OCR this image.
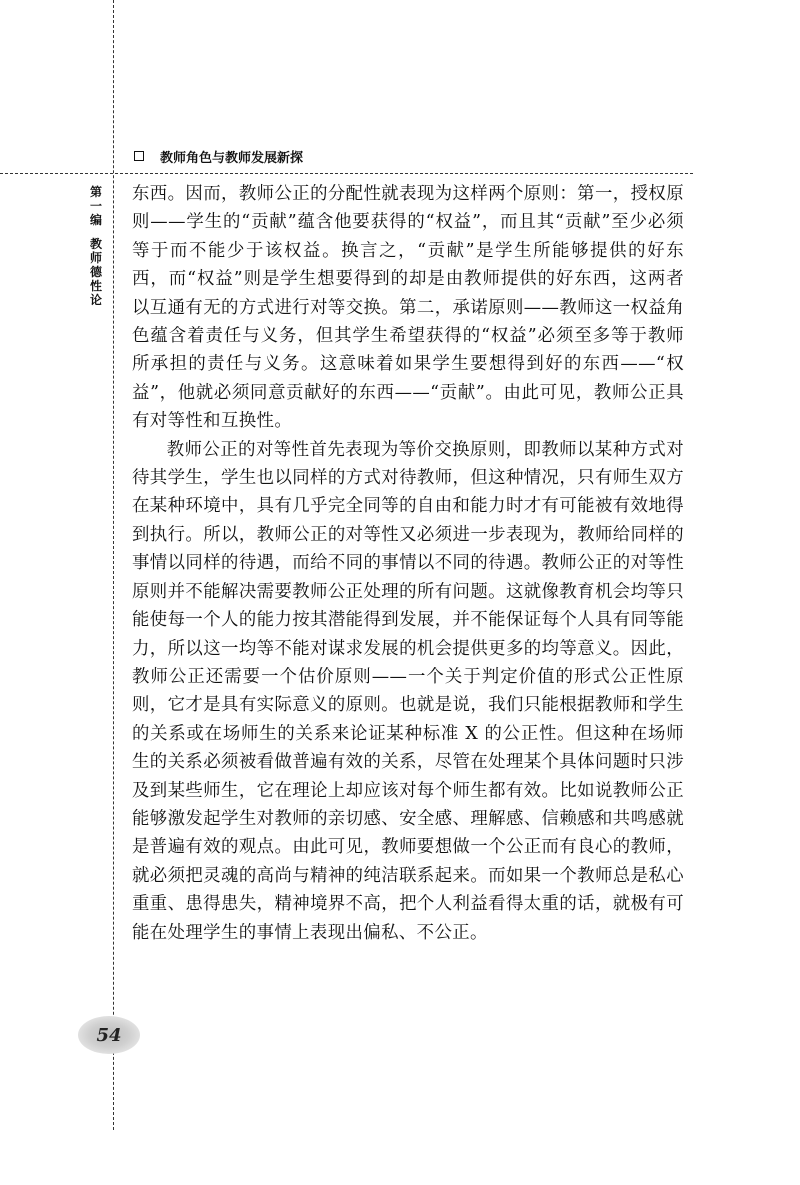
教师角色与教师发展新探
第一编
教师德性论

东西。因而，教师公正的分配性就表现为这样两个原则：第一，授权原则——学生的“贡献”蕴含他要获得的“权益”，而且其“贡献”至少必须等于而不能少于该权益。换言之，“贡献”是学生所能够提供的好东西，而“权益”则是学生想要得到的却是由教师提供的好东西，这两者以互通有无的方式进行对等交换。第二，承诺原则——教师这一权益角色蕴含着责任与义务，但其学生希望获得的“权益”必须至多等于教师所承担的责任与义务。这意味着如果学生要想得到好的东西——“权益”，他就必须同意贡献好的东西——“贡献”。由此可见，教师公正具有对等性和互换性。

教师公正的对等性首先表现为等价交换原则，即教师以某种方式对待其学生，学生也以同样的方式对待教师，但这种情况，只有师生双方在某种环境中，具有几乎完全同等的自由和能力时才有可能被有效地得到执行。所以，教师公正的对等性又必须进一步表现为，教师给同样的事情以同样的待遇，而给不同的事情以不同的待遇。教师公正的对等性原则并不能解决需要教师公正处理的所有问题。这就像教育机会均等只能使每一个人的能力按其潜能得到发展，并不能保证每个人具有同等能力，所以这一均等不能对谋求发展的机会提供更多的均等意义。因此，教师公正还需要一个估价原则——一个关于判定价值的形式公正性原则，它才是具有实际意义的原则。也就是说，我们只能根据教师和学生的关系或在场师生的关系来论证某种标准 X 的公正性。但这种在场师生的关系必须被看做普遍有效的关系，尽管在处理某个具体问题时只涉及到某些师生，它在理论上却应该对每个师生都有效。比如说教师公正能够激发起学生对教师的亲切感、安全感、理解感、信赖感和共鸣感就是普遍有效的观点。由此可见，教师要想做一个公正而有良心的教师，就必须把灵魂的高尚与精神的纯洁联系起来。而如果一个教师总是私心重重、患得患失，精神境界不高，把个人利益看得太重的话，就极有可能在处理学生的事情上表现出偏私、不公正。

54
